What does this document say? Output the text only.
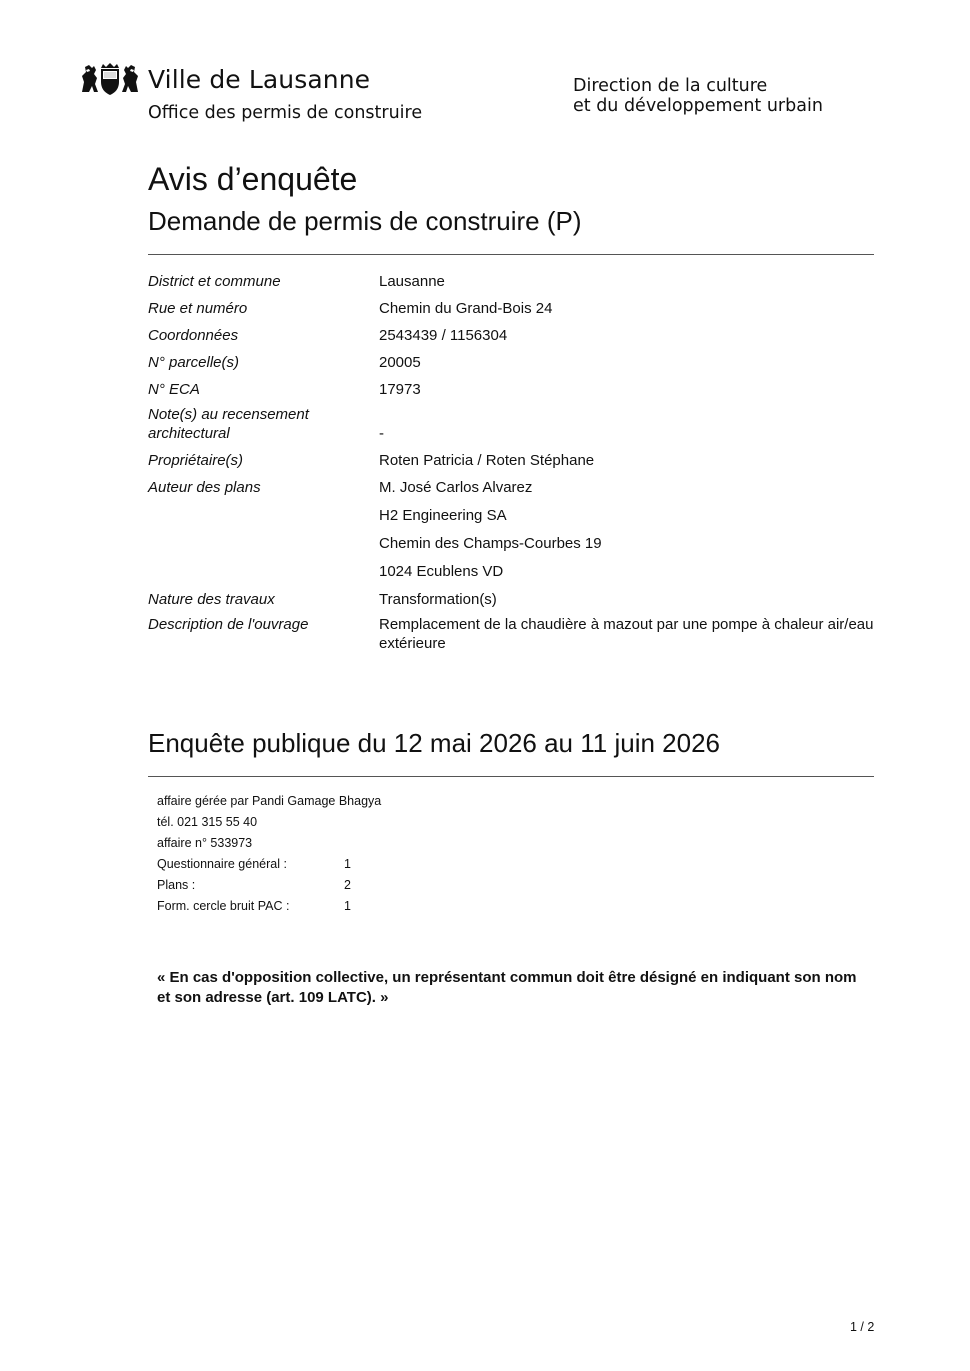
Ville de Lausanne
Office des permis de construire
Direction de la culture
et du développement urbain
Avis d’enquête
Demande de permis de construire (P)
District et commune	Lausanne
Rue et numéro	Chemin du Grand-Bois 24
Coordonnées	2543439 / 1156304
N° parcelle(s)	20005
N° ECA	17973
Note(s) au recensement
architectural	-
Propriétaire(s)	Roten Patricia / Roten Stéphane
Auteur des plans	M. José Carlos Alvarez
H2 Engineering SA
Chemin des Champs-Courbes 19
1024 Ecublens VD
Nature des travaux	Transformation(s)
Description de l'ouvrage	Remplacement de la chaudière à mazout par une pompe à chaleur air/eau extérieure
Enquête publique du 12 mai 2026 au 11 juin 2026
affaire gérée par Pandi Gamage Bhagya
tél. 021 315 55 40
affaire n° 533973
Questionnaire général :	1
Plans :	2
Form. cercle bruit PAC :	1
« En cas d'opposition collective, un représentant commun doit être désigné en indiquant son nom et son adresse (art. 109 LATC). »
1 / 2
